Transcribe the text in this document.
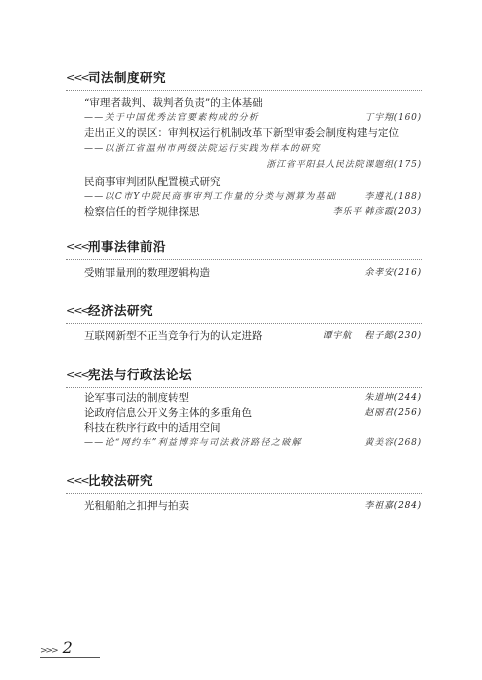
<<< 司法制度研究
“审理者裁判、裁判者负责”的主体基础
——关于中国优秀法官要素构成的分析	丁宇翔(160)
走出正义的误区：审判权运行机制改革下新型审委会制度构建与定位
——以浙江省温州市两级法院运行实践为样本的研究
浙江省平阳县人民法院课题组(175)
民商事审判团队配置模式研究
——以C市Y中院民商事审判工作量的分类与测算为基础	李遵礼(188)
检察信任的哲学规律探思	李乐平 韩彦霞(203)
<<< 刑事法律前沿
受贿罪量刑的数理逻辑构造	余孝安(216)
<<< 经济法研究
互联网新型不正当竞争行为的认定进路	谭宇航 程子懿(230)
<<< 宪法与行政法论坛
论军事司法的制度转型	朱道坤(244)
论政府信息公开义务主体的多重角色	赵丽君(256)
科技在秩序行政中的适用空间
——论“网约车”利益博弈与司法救济路径之破解	黄美容(268)
<<< 比较法研究
光租船舶之扣押与拍卖	李祖嘉(284)
>>> 2
